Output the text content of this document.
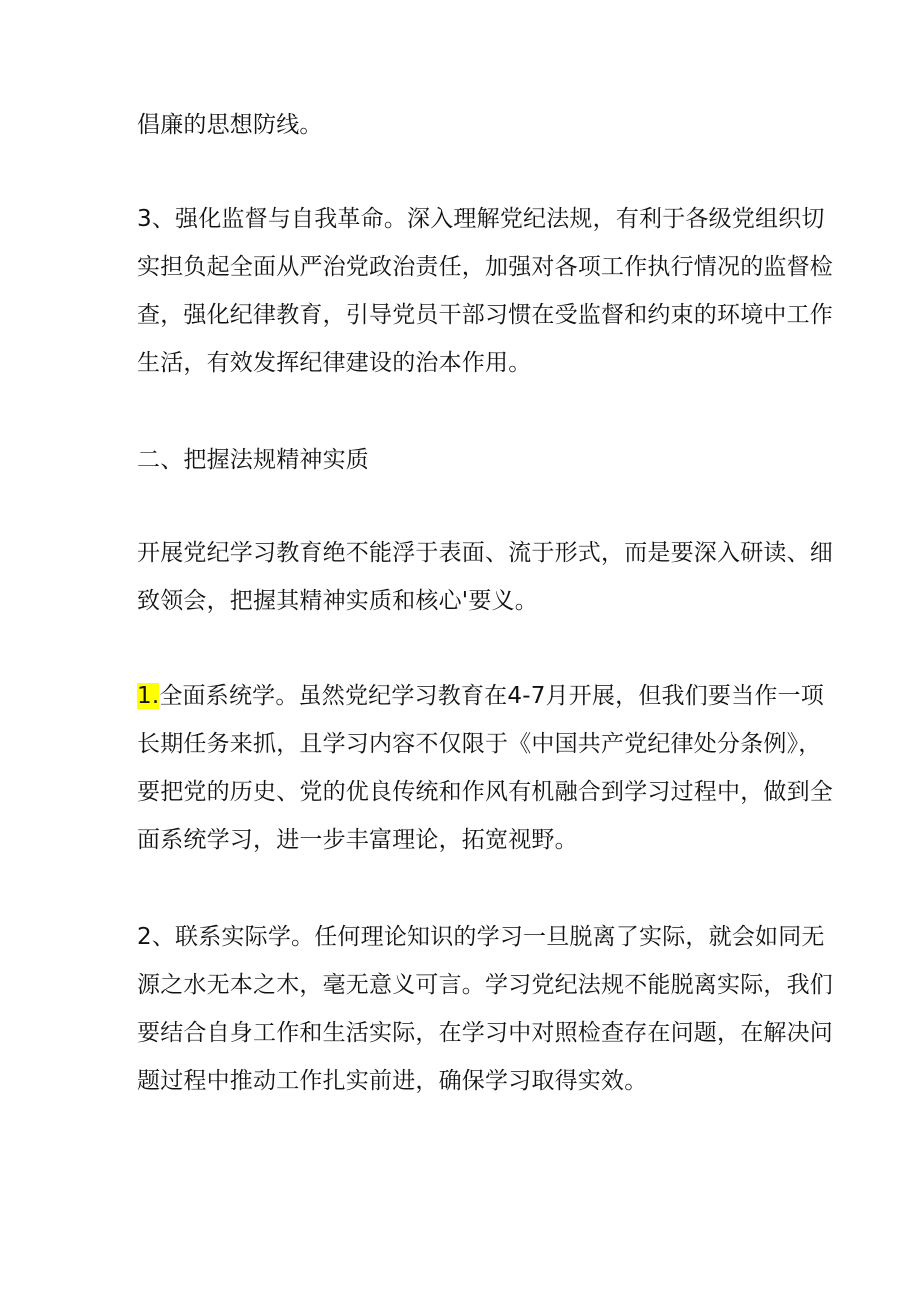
倡廉的思想防线。

3、强化监督与自我革命。深入理解党纪法规，有利于各级党组织切
实担负起全面从严治党政治责任，加强对各项工作执行情况的监督检
查，强化纪律教育，引导党员干部习惯在受监督和约束的环境中工作
生活，有效发挥纪律建设的治本作用。

二、把握法规精神实质

开展党纪学习教育绝不能浮于表面、流于形式，而是要深入研读、细
致领会，把握其精神实质和核心'要义。

1.全面系统学。虽然党纪学习教育在4-7月开展，但我们要当作一项
长期任务来抓，且学习内容不仅限于《中国共产党纪律处分条例》，
要把党的历史、党的优良传统和作风有机融合到学习过程中，做到全
面系统学习，进一步丰富理论，拓宽视野。

2、联系实际学。任何理论知识的学习一旦脱离了实际，就会如同无
源之水无本之木，毫无意义可言。学习党纪法规不能脱离实际，我们
要结合自身工作和生活实际，在学习中对照检查存在问题，在解决问
题过程中推动工作扎实前进，确保学习取得实效。
